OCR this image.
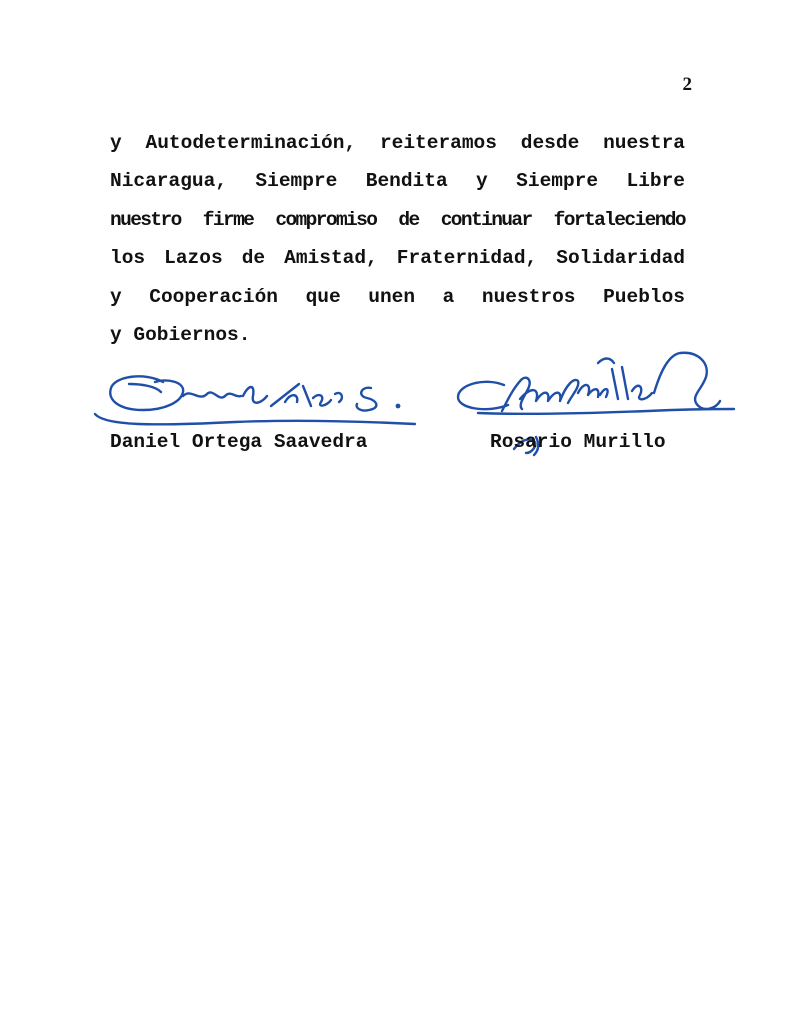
2
y Autodeterminación, reiteramos desde nuestra
Nicaragua, Siempre Bendita y Siempre Libre
nuestro firme compromiso de continuar fortaleciendo
los Lazos de Amistad, Fraternidad, Solidaridad
y Cooperación que unen a nuestros Pueblos
y Gobiernos.
Daniel Ortega Saavedra	Rosario Murillo
